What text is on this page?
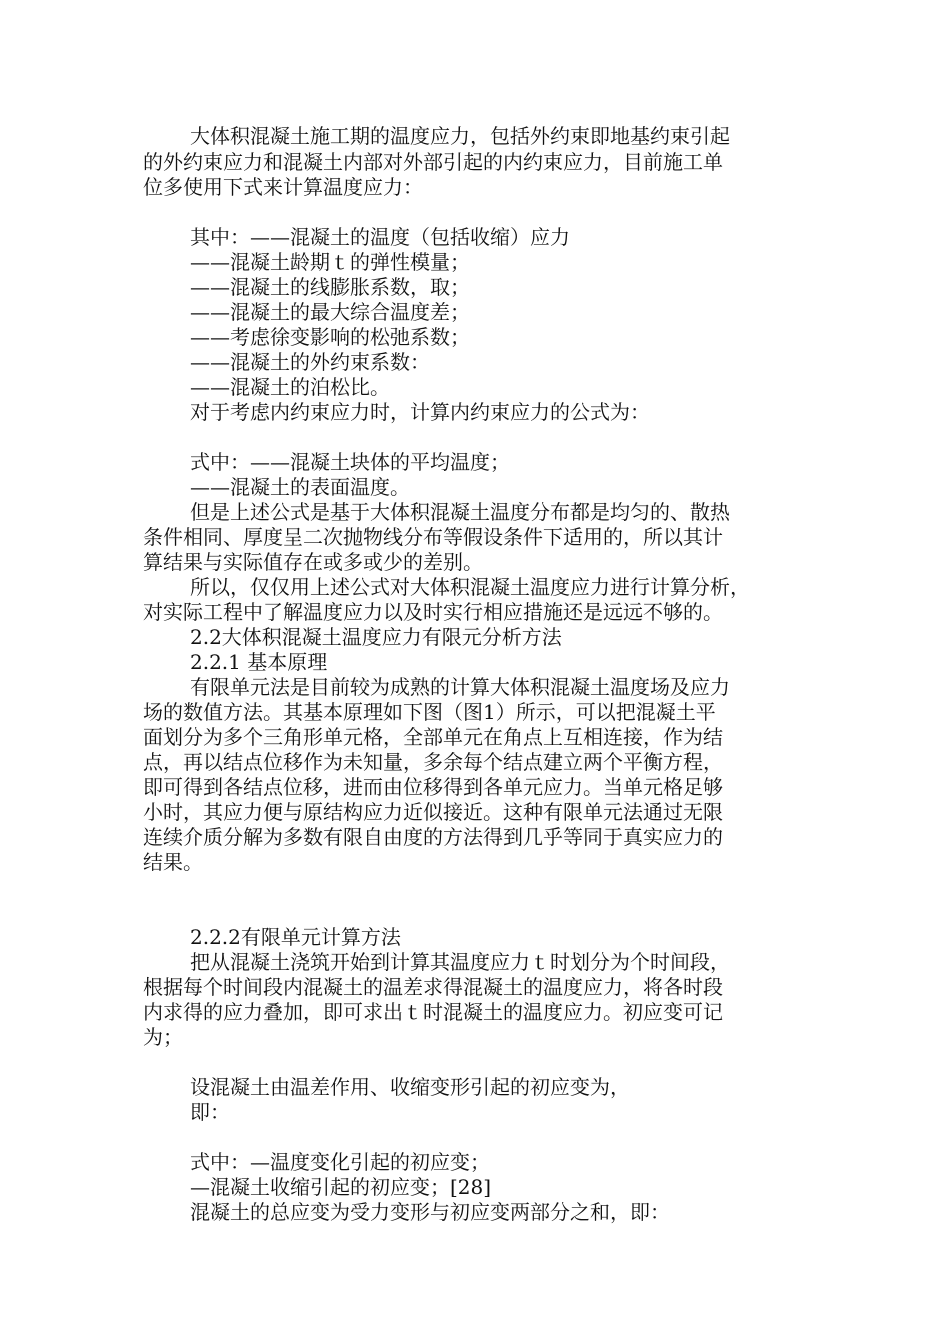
大体积混凝土施工期的温度应力，包括外约束即地基约束引起
的外约束应力和混凝土内部对外部引起的内约束应力，目前施工单
位多使用下式来计算温度应力：
其中：——混凝土的温度（包括收缩）应力
——混凝土龄期ｔ的弹性模量；
——混凝土的线膨胀系数，取；
——混凝土的最大综合温度差；
——考虑徐变影响的松弛系数；
——混凝土的外约束系数：
——混凝土的泊松比。
对于考虑内约束应力时，计算内约束应力的公式为：
式中：——混凝土块体的平均温度；
——混凝土的表面温度。
但是上述公式是基于大体积混凝土温度分布都是均匀的、散热
条件相同、厚度呈二次抛物线分布等假设条件下适用的，所以其计
算结果与实际值存在或多或少的差别。
所以，仅仅用上述公式对大体积混凝土温度应力进行计算分析，
对实际工程中了解温度应力以及时实行相应措施还是远远不够的。
2.2大体积混凝土温度应力有限元分析方法
2.2.1 基本原理
有限单元法是目前较为成熟的计算大体积混凝土温度场及应力
场的数值方法。其基本原理如下图（图1）所示，可以把混凝土平
面划分为多个三角形单元格，全部单元在角点上互相连接，作为结
点，再以结点位移作为未知量，多余每个结点建立两个平衡方程，
即可得到各结点位移，进而由位移得到各单元应力。当单元格足够
小时，其应力便与原结构应力近似接近。这种有限单元法通过无限
连续介质分解为多数有限自由度的方法得到几乎等同于真实应力的
结果。
2.2.2有限单元计算方法
把从混凝土浇筑开始到计算其温度应力ｔ时划分为个时间段，
根据每个时间段内混凝土的温差求得混凝土的温度应力，将各时段
内求得的应力叠加，即可求出ｔ时混凝土的温度应力。初应变可记
为；
设混凝土由温差作用、收缩变形引起的初应变为，
即：
式中：—温度变化引起的初应变；
—混凝土收缩引起的初应变；[28]
混凝土的总应变为受力变形与初应变两部分之和，即：
